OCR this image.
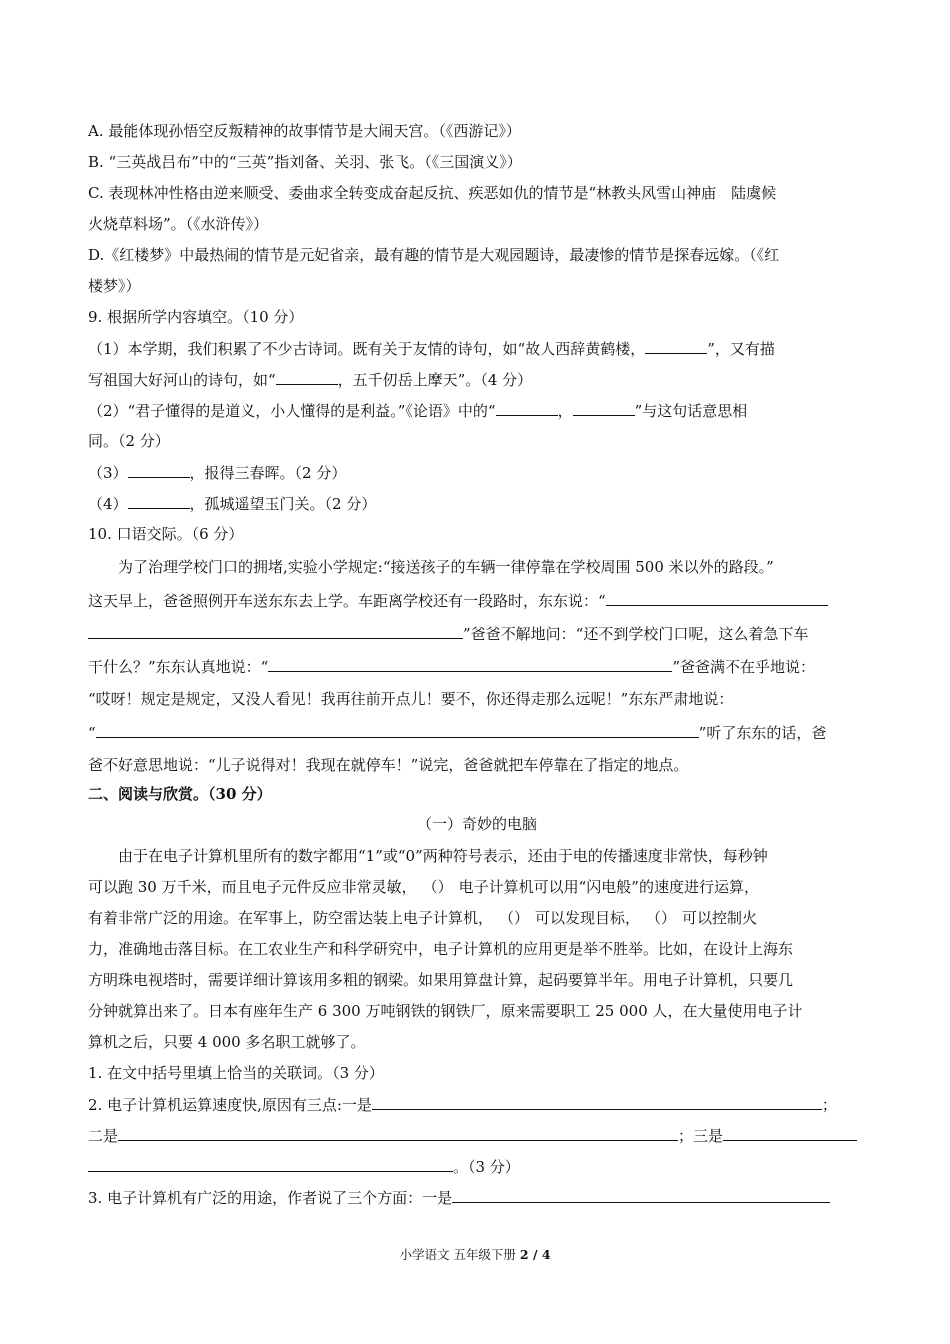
A. 最能体现孙悟空反叛精神的故事情节是大闹天宫。（《西游记》）
B. “三英战吕布”中的“三英”指刘备、关羽、张飞。（《三国演义》）
C. 表现林冲性格由逆来顺受、委曲求全转变成奋起反抗、疾恶如仇的情节是“林教头风雪山神庙　陆虞候
火烧草料场”。（《水浒传》）
D.《红楼梦》中最热闹的情节是元妃省亲，最有趣的情节是大观园题诗，最凄惨的情节是探春远嫁。（《红
楼梦》）
9. 根据所学内容填空。（10 分）
（1）本学期，我们积累了不少古诗词。既有关于友情的诗句，如“故人西辞黄鹤楼，	”，又有描
写祖国大好河山的诗句，如“	，五千仞岳上摩天”。（4 分）
（2）“君子懂得的是道义，小人懂得的是利益。”《论语》中的“	，	”与这句话意思相
同。（2 分）
（3）	，报得三春晖。（2 分）
（4）	，孤城遥望玉门关。（2 分）
10. 口语交际。（6 分）
为了治理学校门口的拥堵,实验小学规定:“接送孩子的车辆一律停靠在学校周围 500 米以外的路段。”
这天早上，爸爸照例开车送东东去上学。车距离学校还有一段路时，东东说：“
”爸爸不解地问：“还不到学校门口呢，这么着急下车
干什么？”东东认真地说：“	”爸爸满不在乎地说：
“哎呀！规定是规定，又没人看见！我再往前开点儿！要不，你还得走那么远呢！”东东严肃地说：
“	”听了东东的话，爸
爸不好意思地说：“儿子说得对！我现在就停车！”说完，爸爸就把车停靠在了指定的地点。
二、阅读与欣赏。（30 分）
（一）奇妙的电脑
由于在电子计算机里所有的数字都用“1”或“0”两种符号表示，还由于电的传播速度非常快，每秒钟
可以跑 30 万千米，而且电子元件反应非常灵敏， （ ）	电子计算机可以用“闪电般”的速度进行运算，
有着非常广泛的用途。在军事上，防空雷达装上电子计算机， （ ）	可以发现目标， （ ）	可以控制火
力，准确地击落目标。在工农业生产和科学研究中，电子计算机的应用更是举不胜举。比如，在设计上海东
方明珠电视塔时，需要详细计算该用多粗的钢梁。如果用算盘计算，起码要算半年。用电子计算机，只要几
分钟就算出来了。日本有座年生产 6 300 万吨钢铁的钢铁厂，原来需要职工 25 000 人，在大量使用电子计
算机之后，只要 4 000 多名职工就够了。
1. 在文中括号里填上恰当的关联词。（3 分）
2. 电子计算机运算速度快,原因有三点:一是	；
二是	；三是
。（3 分）
3. 电子计算机有广泛的用途，作者说了三个方面：一是
小学语文 五年级下册 2 / 4
